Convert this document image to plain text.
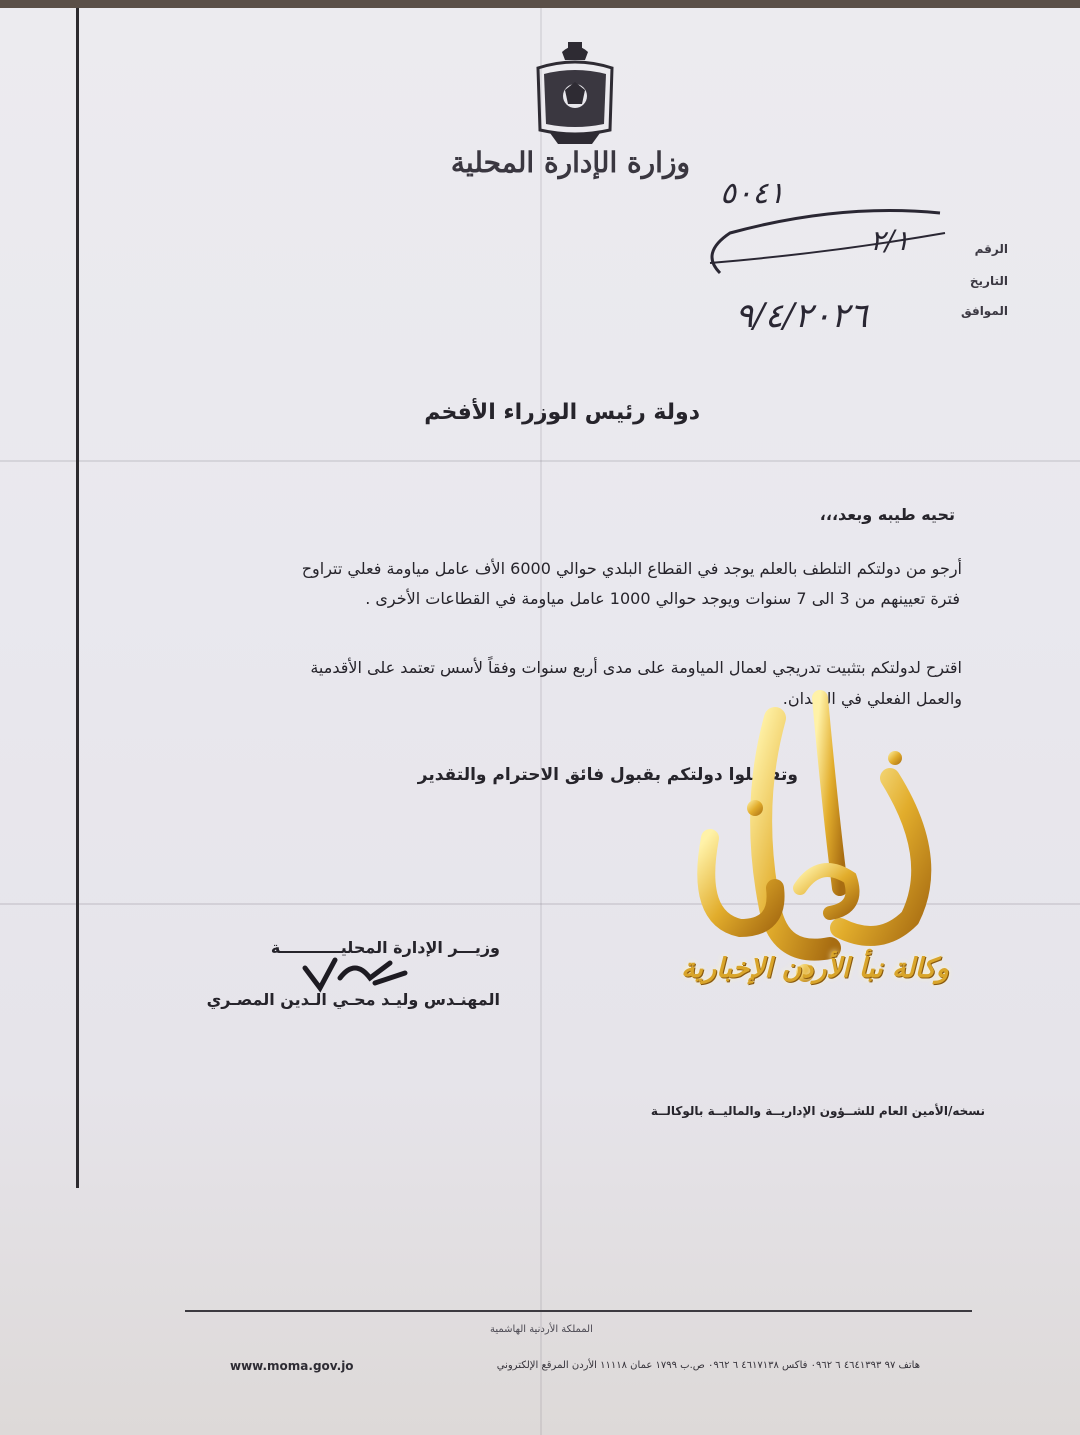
وزارة الإدارة المحلية
الرقم
التاريخ
الموافق
٥٠٤١
٢/١
٩/٤/٢٠٢٦
دولة رئيس الوزراء الأفخم
تحيه طيبه وبعد،،،
أرجو من دولتكم التلطف بالعلم يوجد في القطاع البلدي حوالي 6000 الأف عامل مياومة فعلي تتراوح
فترة تعيينهم من 3 الى 7 سنوات ويوجد حوالي 1000 عامل مياومة في القطاعات الأخرى .
اقترح لدولتكم بتثبيت تدريجي لعمال المياومة على مدى أربع سنوات وفقاً لأسس تعتمد على الأقدمية
والعمل الفعلي في الميدان.
وتفضلوا دولتكم بقبول فائق الاحترام والتقدير
وزيـــر الإدارة المحليـــــــــــة
المهنـدس وليـد محـي الـدين المصـري
نسخه/الأمين العام للشــؤون الإداريــة والماليــة بالوكالــة
وكالة نبأ الأردن الإخبارية
المملكة الأردنية الهاشمية
www.moma.gov.jo	هاتف ٩٧ ٤٦٤١٣٩٣ ٦ ٠٩٦٢ فاكس ٤٦١٧١٣٨ ٦ ٠٩٦٢ ص.ب ١٧٩٩ عمان ١١١١٨ الأردن المرقع الإلكتروني
